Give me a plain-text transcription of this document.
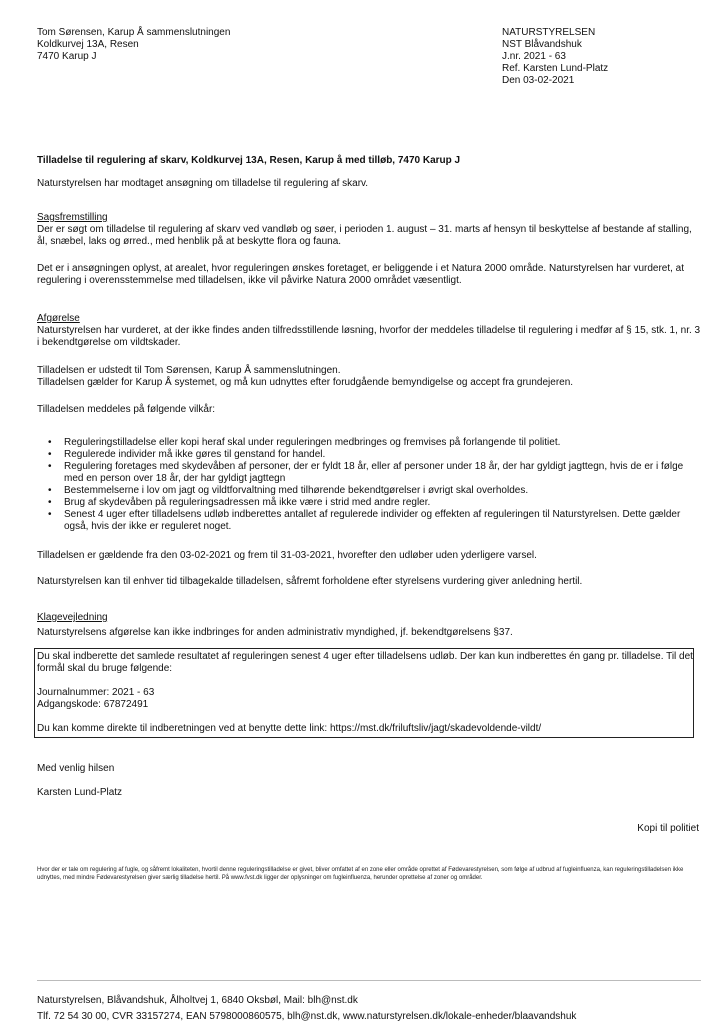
Tom Sørensen, Karup Å sammenslutningen

Koldkurvej 13A, Resen

7470 Karup J

NATURSTYRELSEN

NST Blåvandshuk

J.nr. 2021 - 63

Ref. Karsten Lund-Platz

Den 03-02-2021

Tilladelse til regulering af skarv, Koldkurvej 13A, Resen, Karup å med tilløb, 7470 Karup J

Naturstyrelsen har modtaget ansøgning om tilladelse til regulering af skarv.

Sagsfremstilling

Der er søgt om tilladelse til regulering af skarv ved vandløb og søer, i perioden 1. august – 31. marts af hensyn til beskyttelse af bestande af stalling, ål, snæbel, laks og ørred., med henblik på at beskytte flora og fauna.

Det er i ansøgningen oplyst, at arealet, hvor reguleringen ønskes foretaget, er beliggende i et Natura 2000 område. Naturstyrelsen har vurderet, at regulering i overensstemmelse med tilladelsen, ikke vil påvirke Natura 2000 området væsentligt.

Afgørelse

Naturstyrelsen har vurderet, at der ikke findes anden tilfredsstillende løsning, hvorfor der meddeles tilladelse til regulering i medfør af § 15, stk. 1, nr. 3 i bekendtgørelse om vildtskader.

Tilladelsen er udstedt til Tom Sørensen, Karup Å sammenslutningen.

Tilladelsen gælder for Karup Å systemet, og må kun udnyttes efter forudgående bemyndigelse og accept fra grundejeren.

Tilladelsen meddeles på følgende vilkår:

• Reguleringstilladelse eller kopi heraf skal under reguleringen medbringes og fremvises på forlangende til politiet.
• Regulerede individer må ikke gøres til genstand for handel.
• Regulering foretages med skydevåben af personer, der er fyldt 18 år, eller af personer under 18 år, der har gyldigt jagttegn, hvis de er i følge med en person over 18 år, der har gyldigt jagttegn
• Bestemmelserne i lov om jagt og vildtforvaltning med tilhørende bekendtgørelser i øvrigt skal overholdes.
• Brug af skydevåben på reguleringsadressen må ikke være i strid med andre regler.
• Senest 4 uger efter tilladelsens udløb indberettes antallet af regulerede individer og effekten af reguleringen til Naturstyrelsen. Dette gælder også, hvis der ikke er reguleret noget.

Tilladelsen er gældende fra den 03-02-2021 og frem til 31-03-2021, hvorefter den udløber uden yderligere varsel.

Naturstyrelsen kan til enhver tid tilbagekalde tilladelsen, såfremt forholdene efter styrelsens vurdering giver anledning hertil.

Klagevejledning

Naturstyrelsens afgørelse kan ikke indbringes for anden administrativ myndighed, jf. bekendtgørelsens §37.

Du skal indberette det samlede resultatet af reguleringen senest 4 uger efter tilladelsens udløb. Der kan kun indberettes én gang pr. tilladelse. Til det formål skal du bruge følgende:

Journalnummer: 2021 - 63

Adgangskode: 67872491

Du kan komme direkte til indberetningen ved at benytte dette link: https://mst.dk/friluftsliv/jagt/skadevoldende-vildt/

Med venlig hilsen

Karsten Lund-Platz

Kopi til politiet

Hvor der er tale om regulering af fugle, og såfremt lokaliteten, hvortil denne reguleringstilladelse er givet, bliver omfattet af en zone eller område oprettet af Fødevarestyrelsen, som følge af udbrud af fugleinfluenza, kan reguleringstilladelsen ikke udnyttes, med mindre Fødevarestyrelsen giver særlig tilladelse hertil. På www.fvst.dk ligger der oplysninger om fugleinfluenza, herunder oprettelse af zoner og områder.

Naturstyrelsen, Blåvandshuk, Ålholtvej 1, 6840 Oksbøl, Mail: blh@nst.dk

Tlf. 72 54 30 00, CVR 33157274, EAN 5798000860575, blh@nst.dk, www.naturstyrelsen.dk/lokale-enheder/blaavandshuk
